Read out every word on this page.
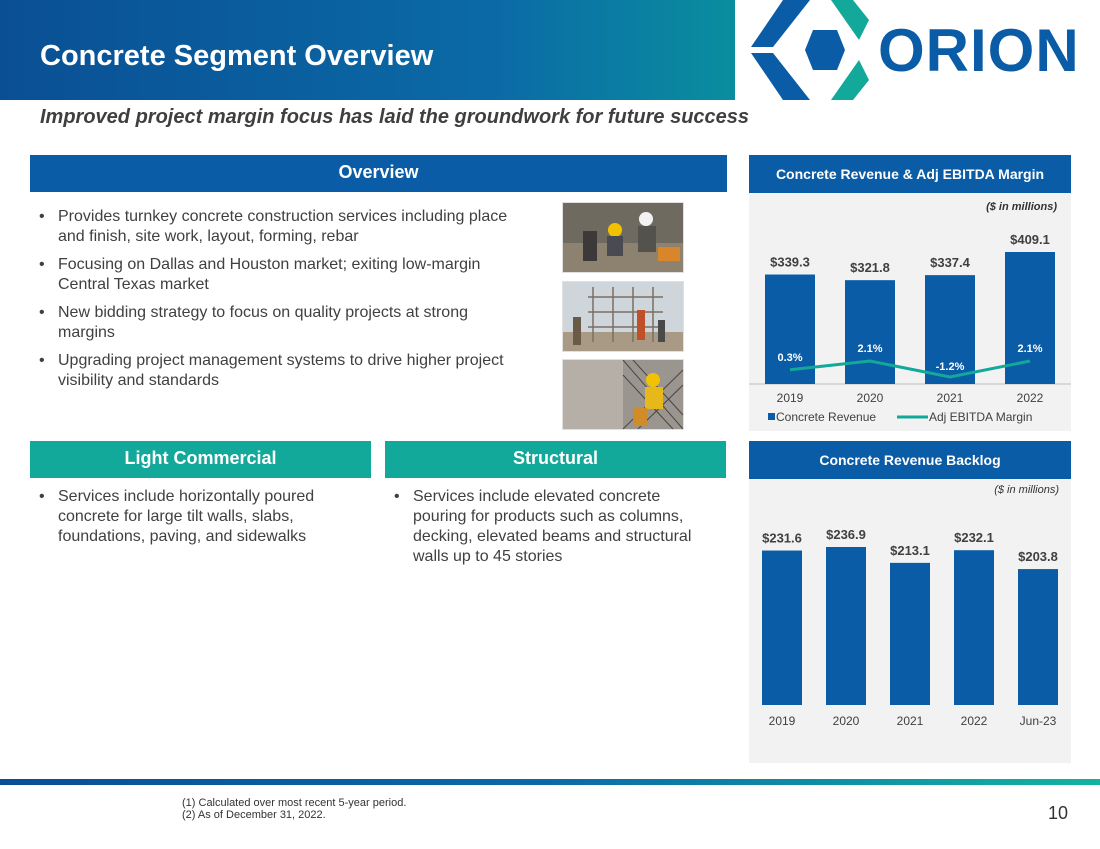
Concrete Segment Overview	ORION
Improved project margin focus has laid the groundwork for future success
Overview
• Provides turnkey concrete construction services including place and finish, site work, layout, forming, rebar
• Focusing on Dallas and Houston market; exiting low-margin Central Texas market
• New bidding strategy to focus on quality projects at strong margins
• Upgrading project management systems to drive higher project visibility and standards
Light Commercial
• Services include horizontally poured concrete for large tilt walls, slabs, foundations, paving, and sidewalks
Structural
• Services include elevated concrete pouring for products such as columns, decking, elevated beams and structural walls up to 45 stories
Concrete Revenue & Adj EBITDA Margin
($ in millions)
$339.3
2019
$321.8
2020
$337.4
2021
$409.1
2022
0.3%
2.1%
-1.2%
2.1%
Concrete Revenue	Adj EBITDA Margin
Concrete Revenue Backlog
($ in millions)
$231.6
2019
$236.9
2020
$213.1
2021
$232.1
2022
$203.8
Jun-23
(1) Calculated over most recent 5-year period.
(2) As of December 31, 2022.	10
